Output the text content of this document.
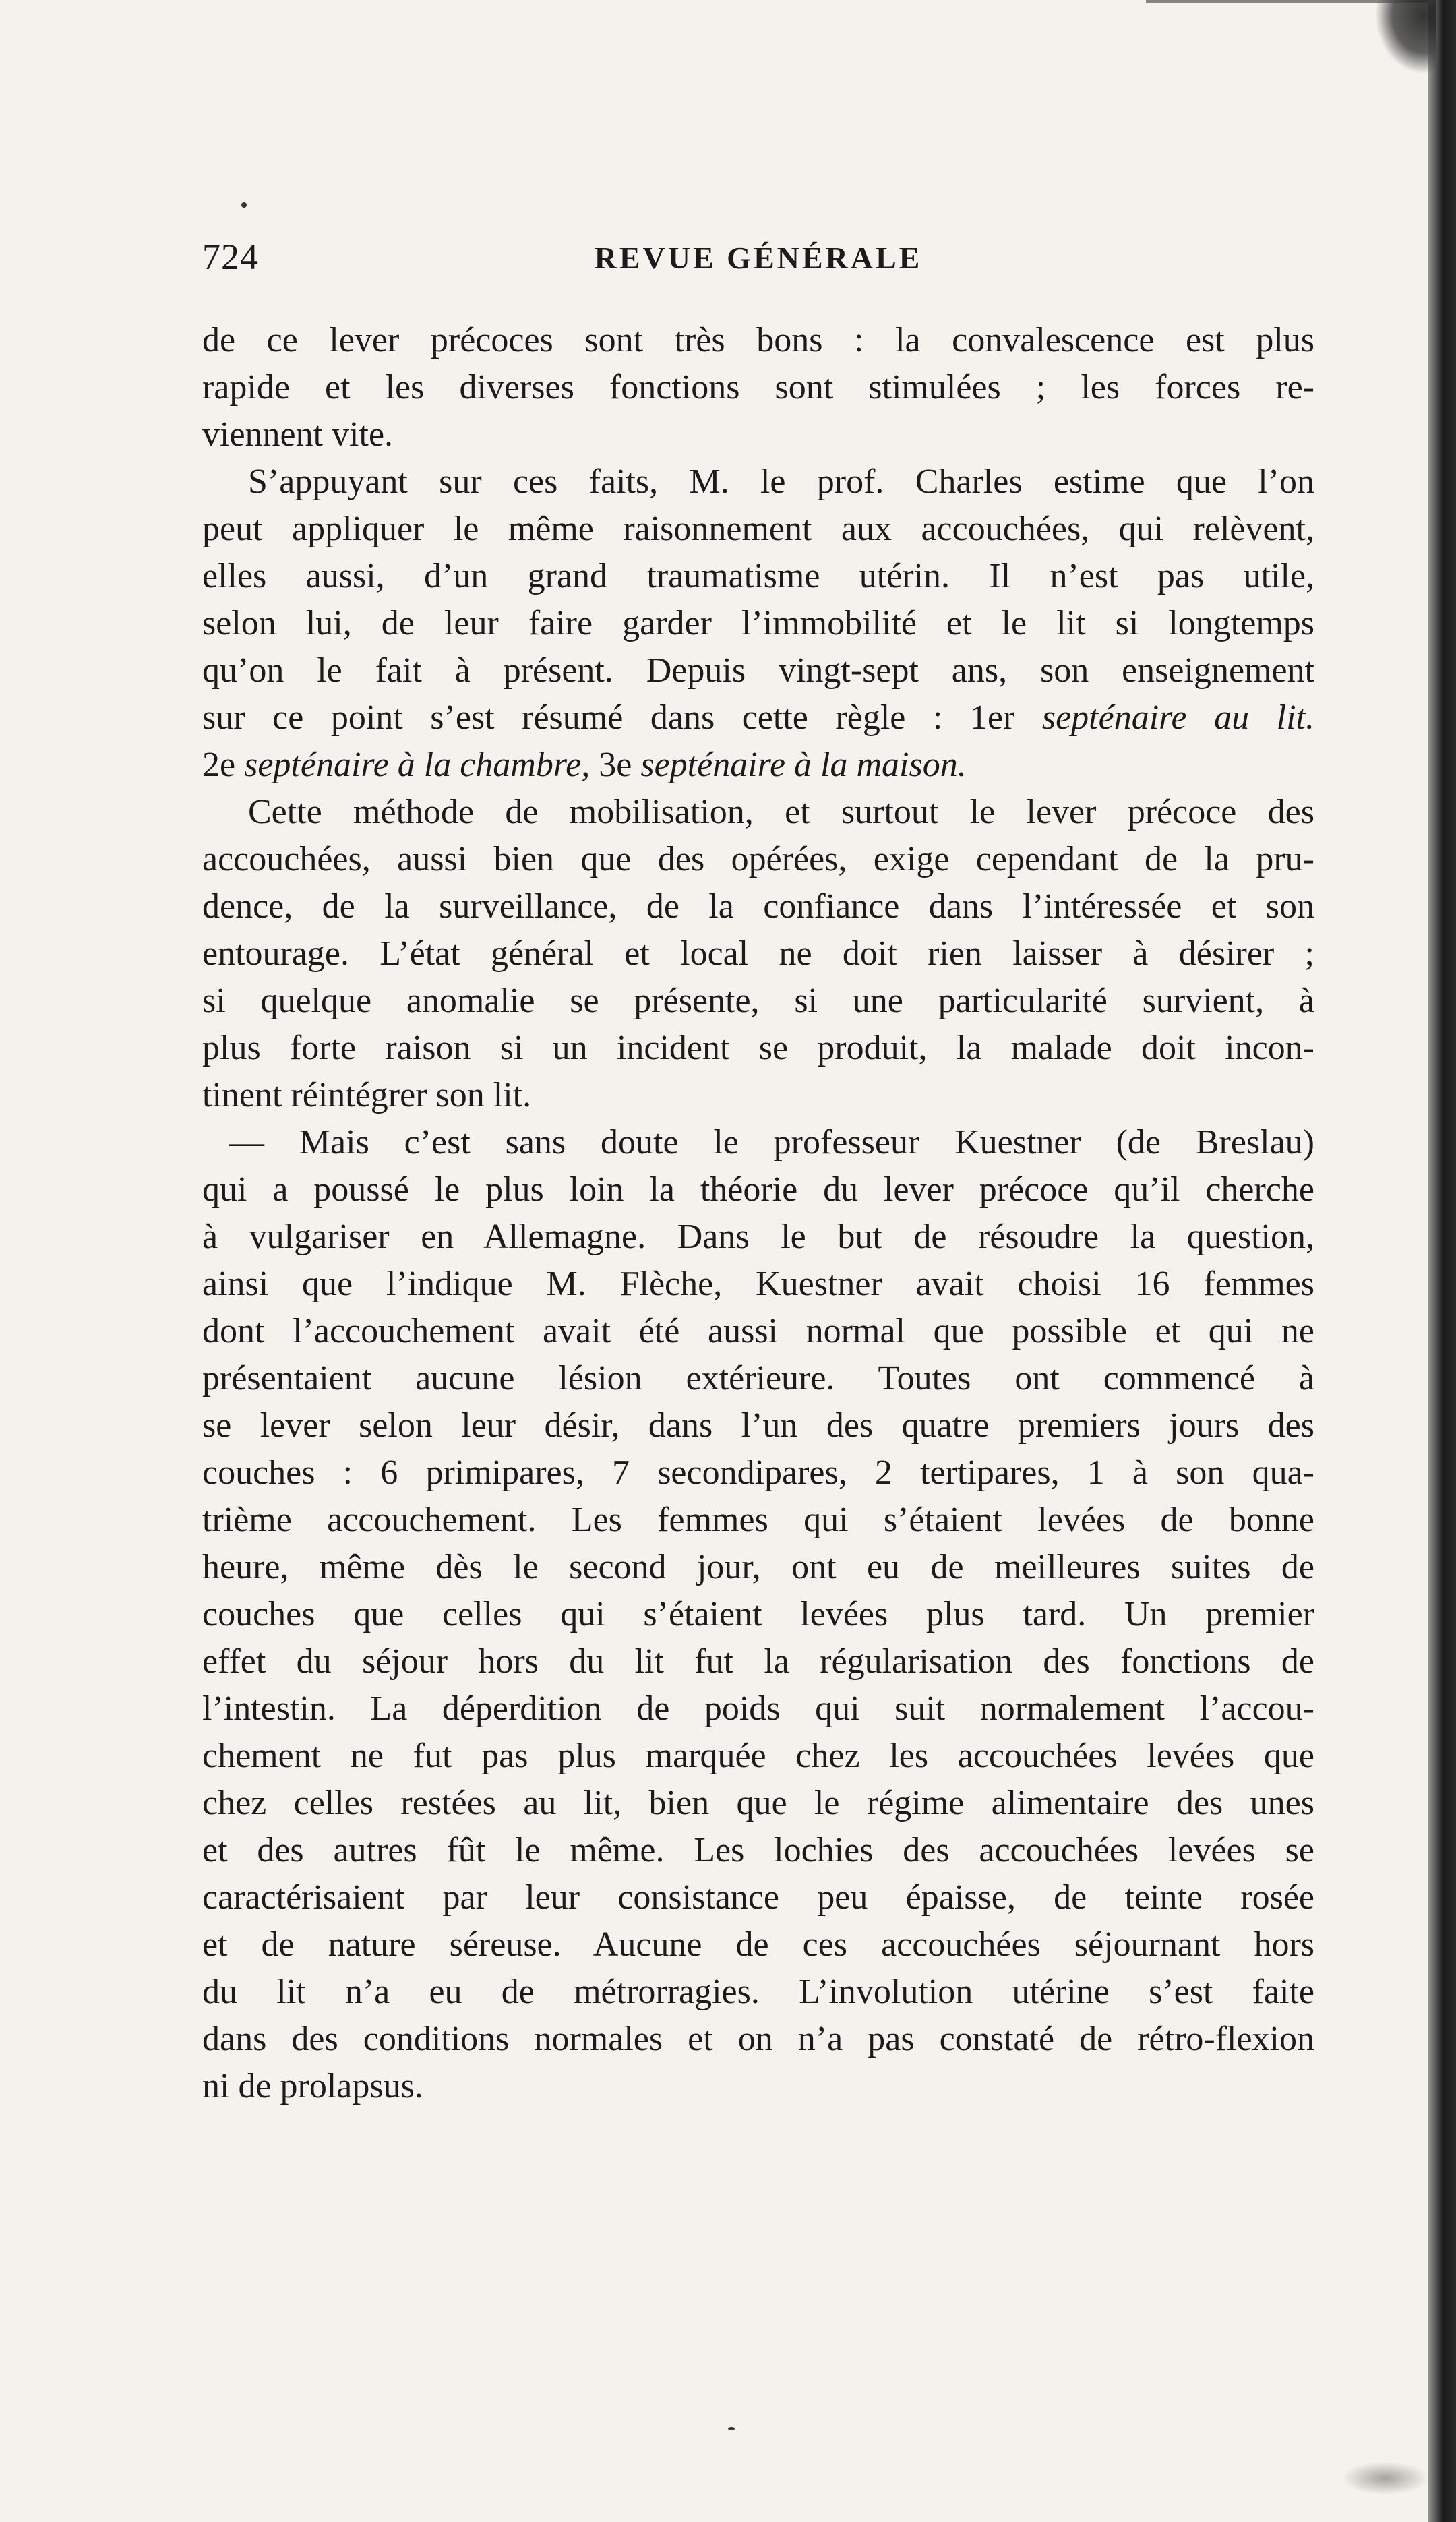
724	REVUE GÉNÉRALE
de ce lever précoces sont très bons : la convalescence est plus
rapide et les diverses fonctions sont stimulées ; les forces re-
viennent vite.
S’appuyant sur ces faits, M. le prof. Charles estime que l’on
peut appliquer le même raisonnement aux accouchées, qui relèvent,
elles aussi, d’un grand traumatisme utérin. Il n’est pas utile,
selon lui, de leur faire garder l’immobilité et le lit si longtemps
qu’on le fait à présent. Depuis vingt-sept ans, son enseignement
sur ce point s’est résumé dans cette règle : 1er septénaire au lit.
2e septénaire à la chambre, 3e septénaire à la maison.
Cette méthode de mobilisation, et surtout le lever précoce des
accouchées, aussi bien que des opérées, exige cependant de la pru-
dence, de la surveillance, de la confiance dans l’intéressée et son
entourage. L’état général et local ne doit rien laisser à désirer ;
si quelque anomalie se présente, si une particularité survient, à
plus forte raison si un incident se produit, la malade doit incon-
tinent réintégrer son lit.
— Mais c’est sans doute le professeur Kuestner (de Breslau)
qui a poussé le plus loin la théorie du lever précoce qu’il cherche
à vulgariser en Allemagne. Dans le but de résoudre la question,
ainsi que l’indique M. Flèche, Kuestner avait choisi 16 femmes
dont l’accouchement avait été aussi normal que possible et qui ne
présentaient aucune lésion extérieure. Toutes ont commencé à
se lever selon leur désir, dans l’un des quatre premiers jours des
couches : 6 primipares, 7 secondipares, 2 tertipares, 1 à son qua-
trième accouchement. Les femmes qui s’étaient levées de bonne
heure, même dès le second jour, ont eu de meilleures suites de
couches que celles qui s’étaient levées plus tard. Un premier
effet du séjour hors du lit fut la régularisation des fonctions de
l’intestin. La déperdition de poids qui suit normalement l’accou-
chement ne fut pas plus marquée chez les accouchées levées que
chez celles restées au lit, bien que le régime alimentaire des unes
et des autres fût le même. Les lochies des accouchées levées se
caractérisaient par leur consistance peu épaisse, de teinte rosée
et de nature séreuse. Aucune de ces accouchées séjournant hors
du lit n’a eu de métrorragies. L’involution utérine s’est faite
dans des conditions normales et on n’a pas constaté de rétro-flexion
ni de prolapsus.
